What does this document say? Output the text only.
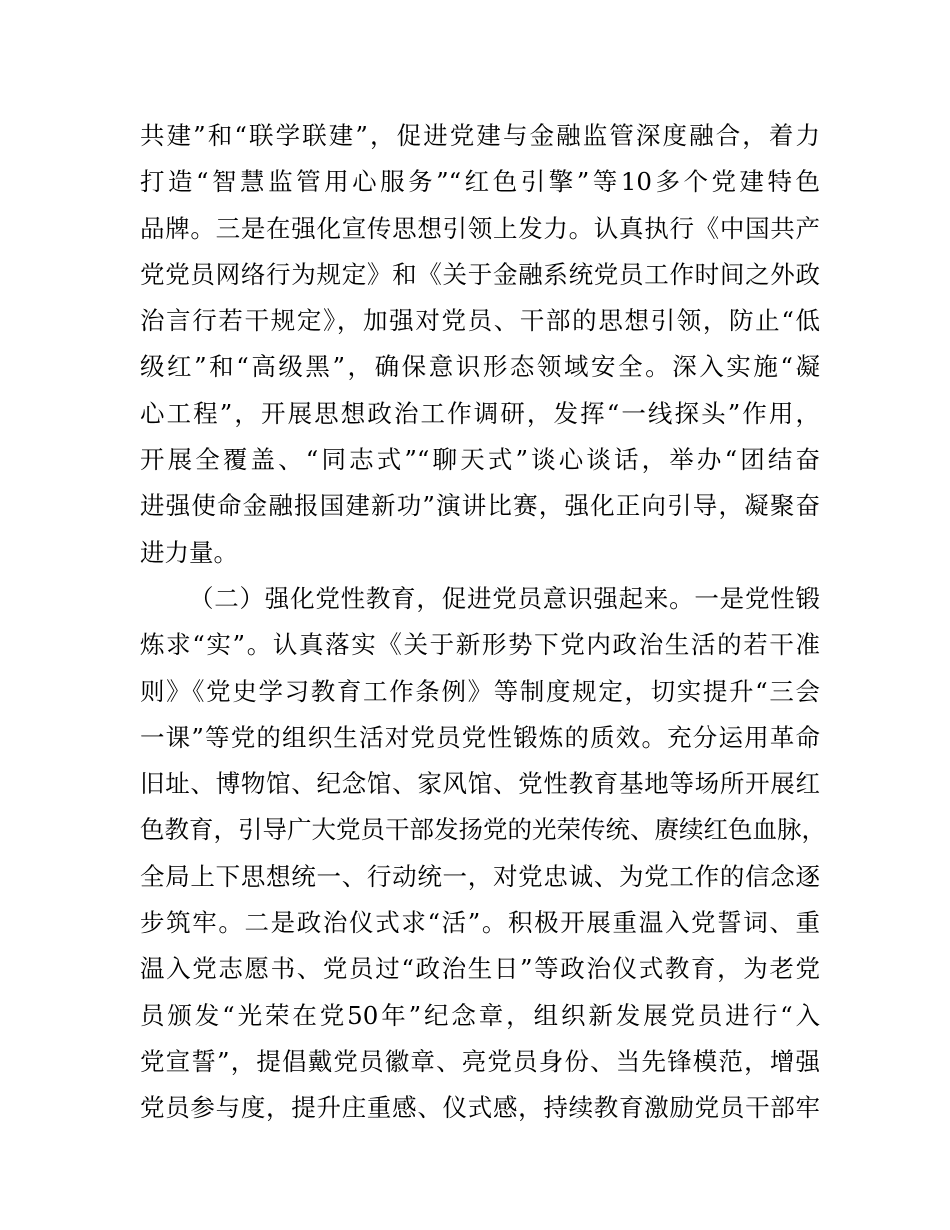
共建”和“联学联建”，促进党建与金融监管深度融合，着力
打造“智慧监管用心服务”“红色引擎”等10多个党建特色
品牌。三是在强化宣传思想引领上发力。认真执行《中国共产
党党员网络行为规定》和《关于金融系统党员工作时间之外政
治言行若干规定》，加强对党员、干部的思想引领，防止“低
级红”和“高级黑”，确保意识形态领域安全。深入实施“凝
心工程”，开展思想政治工作调研，发挥“一线探头”作用，
开展全覆盖、“同志式”“聊天式”谈心谈话，举办“团结奋
进强使命金融报国建新功”演讲比赛，强化正向引导，凝聚奋
进力量。
（二）强化党性教育，促进党员意识强起来。一是党性锻
炼求“实”。认真落实《关于新形势下党内政治生活的若干准
则》《党史学习教育工作条例》等制度规定，切实提升“三会
一课”等党的组织生活对党员党性锻炼的质效。充分运用革命
旧址、博物馆、纪念馆、家风馆、党性教育基地等场所开展红
色教育，引导广大党员干部发扬党的光荣传统、赓续红色血脉，
全局上下思想统一、行动统一，对党忠诚、为党工作的信念逐
步筑牢。二是政治仪式求“活”。积极开展重温入党誓词、重
温入党志愿书、党员过“政治生日”等政治仪式教育，为老党
员颁发“光荣在党50年”纪念章，组织新发展党员进行“入
党宣誓”，提倡戴党员徽章、亮党员身份、当先锋模范，增强
党员参与度，提升庄重感、仪式感，持续教育激励党员干部牢
